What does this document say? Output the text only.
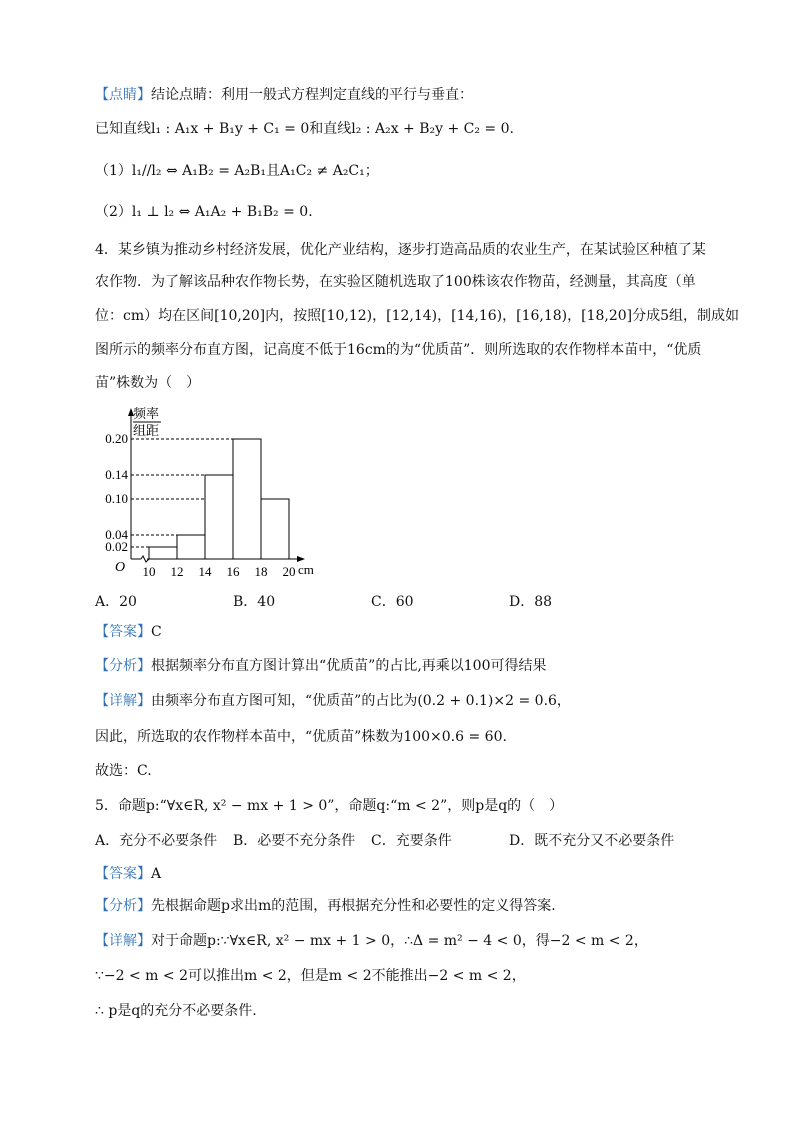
【点睛】结论点睛：利用一般式方程判定直线的平行与垂直：
已知直线l₁ : A₁x + B₁y + C₁ = 0和直线l₂ : A₂x + B₂y + C₂ = 0.
（1）l₁//l₂ ⇔ A₁B₂ = A₂B₁且A₁C₂ ≠ A₂C₁；
（2）l₁ ⊥ l₂ ⇔ A₁A₂ + B₁B₂ = 0.
4．某乡镇为推动乡村经济发展，优化产业结构，逐步打造高品质的农业生产，在某试验区种植了某
农作物．为了解该品种农作物长势，在实验区随机选取了100株该农作物苗，经测量，其高度（单
位：cm）均在区间[10,20]内，按照[10,12)，[12,14)，[14,16)，[16,18)，[18,20]分成5组，制成如
图所示的频率分布直方图，记高度不低于16cm的为“优质苗”．则所选取的农作物样本苗中，“优质
苗”株数为（　）
【答案】C
【分析】根据频率分布直方图计算出“优质苗”的占比,再乘以100可得结果
【详解】由频率分布直方图可知，“优质苗”的占比为(0.2 + 0.1)×2 = 0.6，
因此，所选取的农作物样本苗中，“优质苗”株数为100×0.6 = 60.
故选：C.
5．命题p:“∀x∈R, x² − mx + 1 > 0”，命题q:“m < 2”，则p是q的（　）
【答案】A
【分析】先根据命题p求出m的范围，再根据充分性和必要性的定义得答案.
【详解】对于命题p:∵∀x∈R, x² − mx + 1 > 0，∴Δ = m² − 4 < 0，得−2 < m < 2，
∵−2 < m < 2可以推出m < 2，但是m < 2不能推出−2 < m < 2，
∴ p是q的充分不必要条件.
A．20	B．40	C．60	D．88
A．充分不必要条件 B．必要不充分条件 C．充要条件	D．既不充分又不必要条件
频率
组距
0.02
0.04
0.10
0.14
0.20
10 12 14 16 18 20 cm
O
